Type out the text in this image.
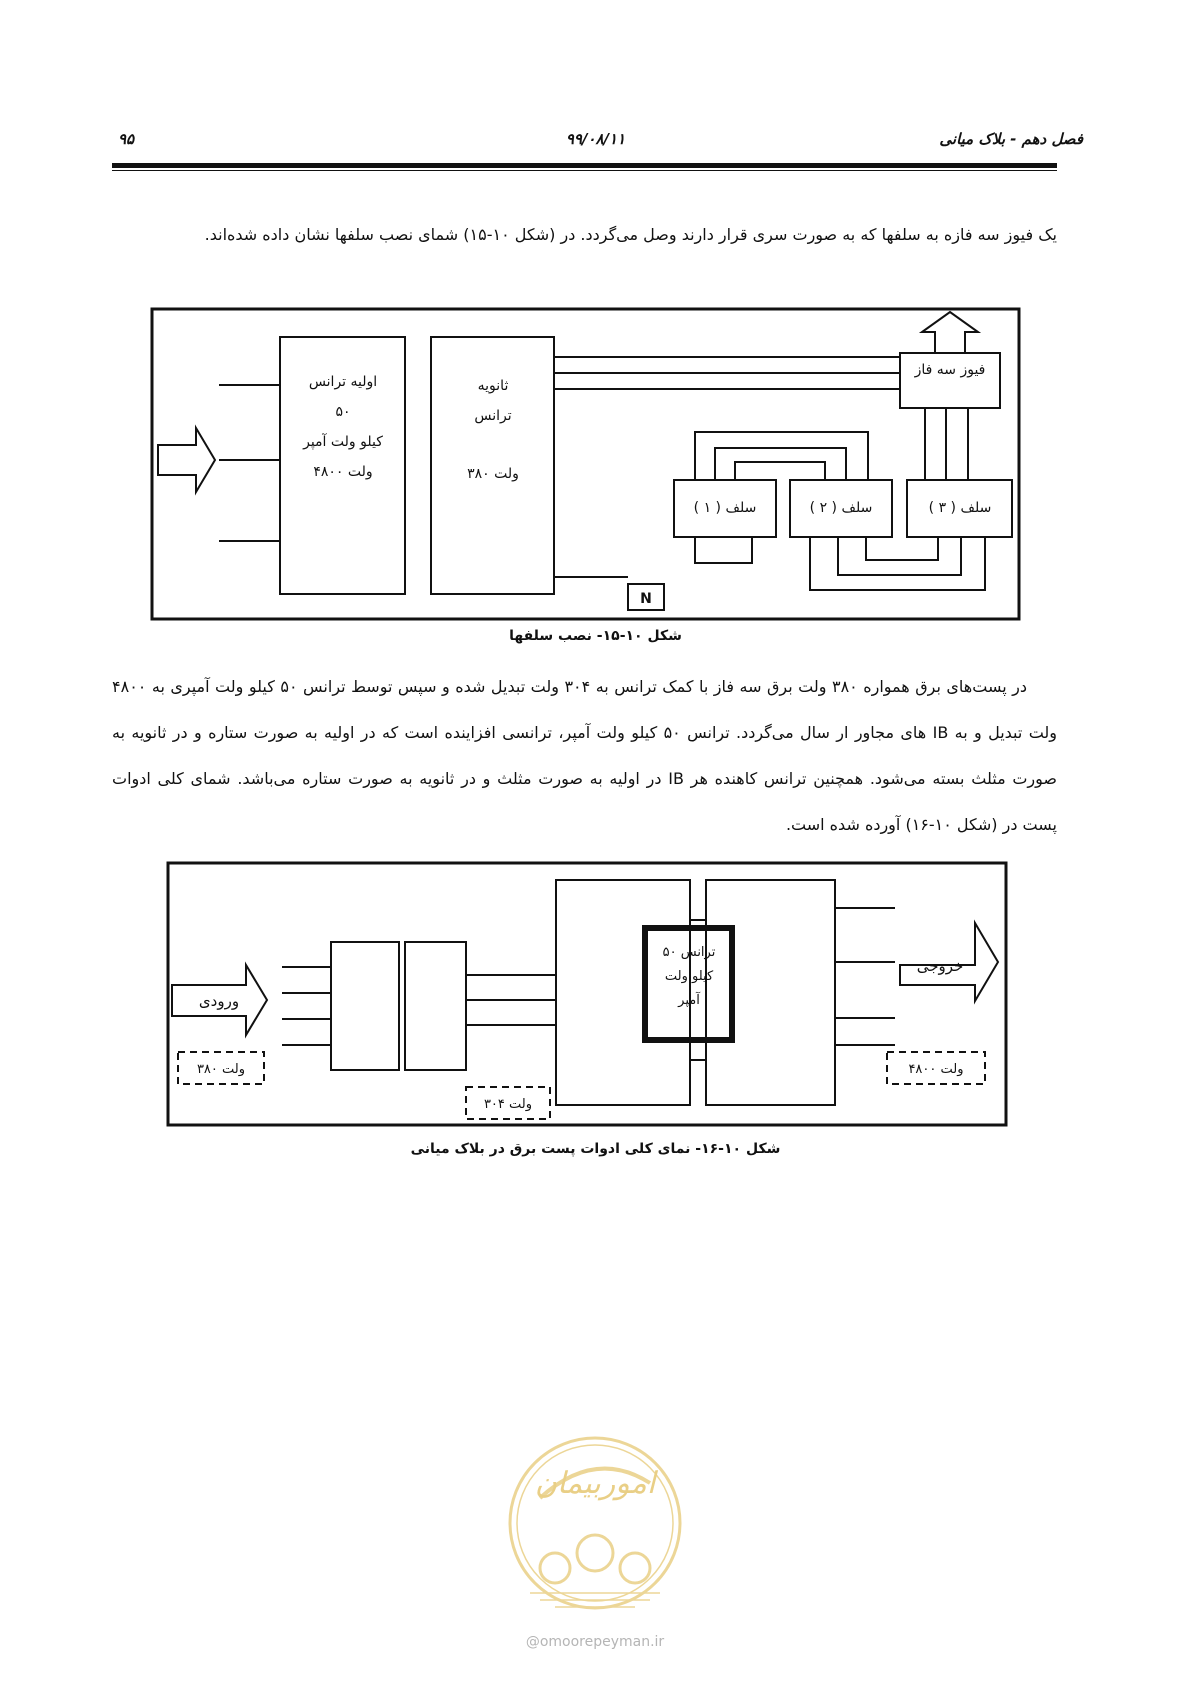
فصل دهم - بلاک میانی
۹۹/۰۸/۱۱
۹۵

یک فیوز سه فازه به سلفها که به صورت سری قرار دارند وصل می‌گردد. در (شکل ۱۰-۱۵) شمای نصب سلفها نشان داده شده‌اند.

اولیه ترانس
۵۰
کیلو ولت آمپر
۴۸۰۰ ولت
ثانویه
ترانس
۳۸۰ ولت
فیوز سه فاز
سلف ( ۱ )	سلف ( ۲ )	سلف ( ۳ )
N
شکل ۱۰-۱۵- نصب سلفها

در پست‌های برق همواره ۳۸۰ ولت برق سه فاز با کمک ترانس به ۳۰۴ ولت تبدیل شده و سپس توسط ترانس ۵۰ کیلو ولت آمپری به ۴۸۰۰ ولت تبدیل و به IB های مجاور ار سال می‌گردد. ترانس ۵۰ کیلو ولت آمپر، ترانسی افزاینده است که در اولیه به صورت ستاره و در ثانویه به صورت مثلث بسته می‌شود. همچنین ترانس کاهنده هر IB در اولیه به صورت مثلث و در ثانویه به صورت ستاره می‌باشد. شمای کلی ادوات پست در (شکل ۱۰-۱۶) آورده شده است.

ورودی
خروجی
ترانس ۵۰
کیلو ولت
آمپر
۳۸۰ ولت
۳۰۴ ولت
۴۸۰۰ ولت
شکل ۱۰-۱۶- نمای کلی ادوات پست برق در بلاک میانی
اموربیمان
@omoorepeyman.ir
